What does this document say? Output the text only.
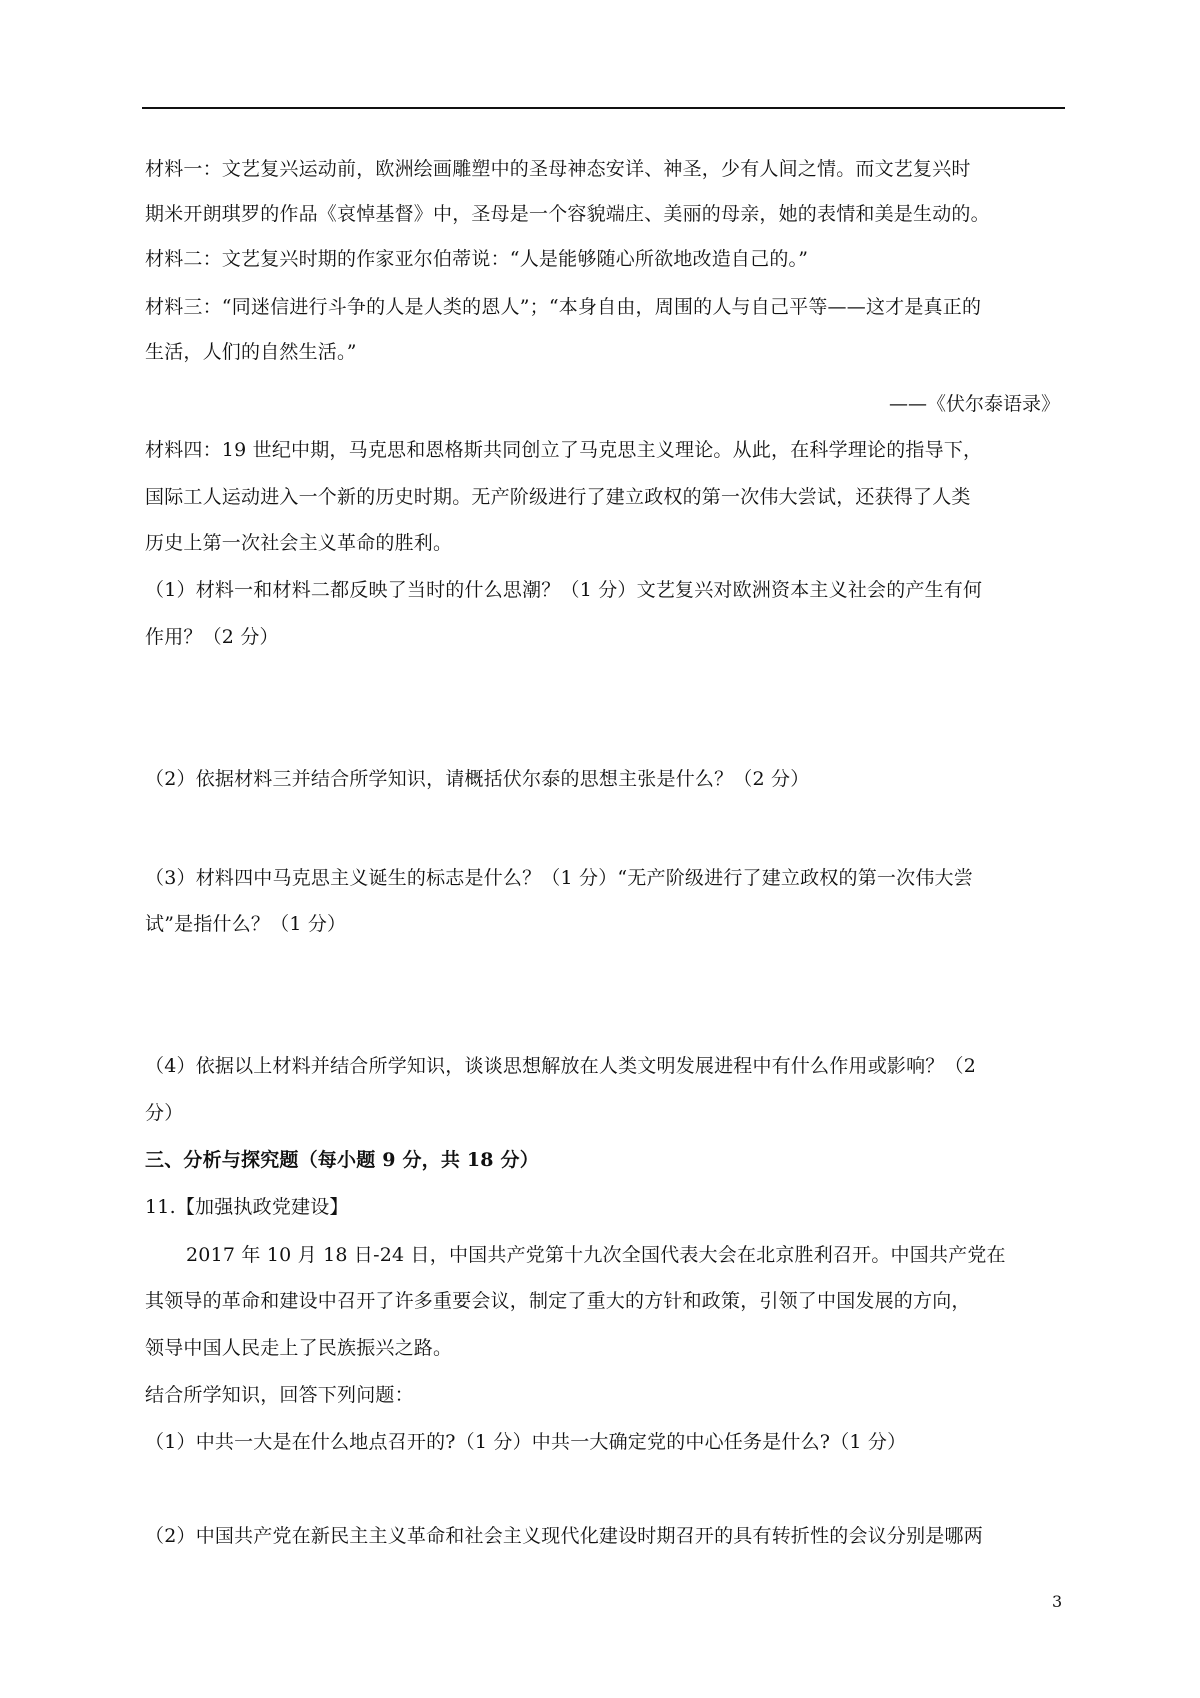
材料一：文艺复兴运动前，欧洲绘画雕塑中的圣母神态安详、神圣，少有人间之情。而文艺复兴时
期米开朗琪罗的作品《哀悼基督》中，圣母是一个容貌端庄、美丽的母亲，她的表情和美是生动的。
材料二：文艺复兴时期的作家亚尔伯蒂说：“人是能够随心所欲地改造自己的。”
材料三：“同迷信进行斗争的人是人类的恩人”；“本身自由，周围的人与自己平等——这才是真正的
生活，人们的自然生活。”
——《伏尔泰语录》
材料四：19 世纪中期，马克思和恩格斯共同创立了马克思主义理论。从此，在科学理论的指导下，
国际工人运动进入一个新的历史时期。无产阶级进行了建立政权的第一次伟大尝试，还获得了人类
历史上第一次社会主义革命的胜利。
（1）材料一和材料二都反映了当时的什么思潮？（1 分）文艺复兴对欧洲资本主义社会的产生有何
作用？（2 分）
（2）依据材料三并结合所学知识，请概括伏尔泰的思想主张是什么？（2 分）
（3）材料四中马克思主义诞生的标志是什么？（1 分）“无产阶级进行了建立政权的第一次伟大尝
试”是指什么？（1 分）
（4）依据以上材料并结合所学知识，谈谈思想解放在人类文明发展进程中有什么作用或影响？（2
分）
三、分析与探究题（每小题 9 分，共 18 分）
11.【加强执政党建设】
2017 年 10 月 18 日-24 日，中国共产党第十九次全国代表大会在北京胜利召开。中国共产党在
其领导的革命和建设中召开了许多重要会议，制定了重大的方针和政策，引领了中国发展的方向，
领导中国人民走上了民族振兴之路。
结合所学知识，回答下列问题：
（1）中共一大是在什么地点召开的?（1 分）中共一大确定党的中心任务是什么?（1 分）
（2）中国共产党在新民主主义革命和社会主义现代化建设时期召开的具有转折性的会议分别是哪两
3
